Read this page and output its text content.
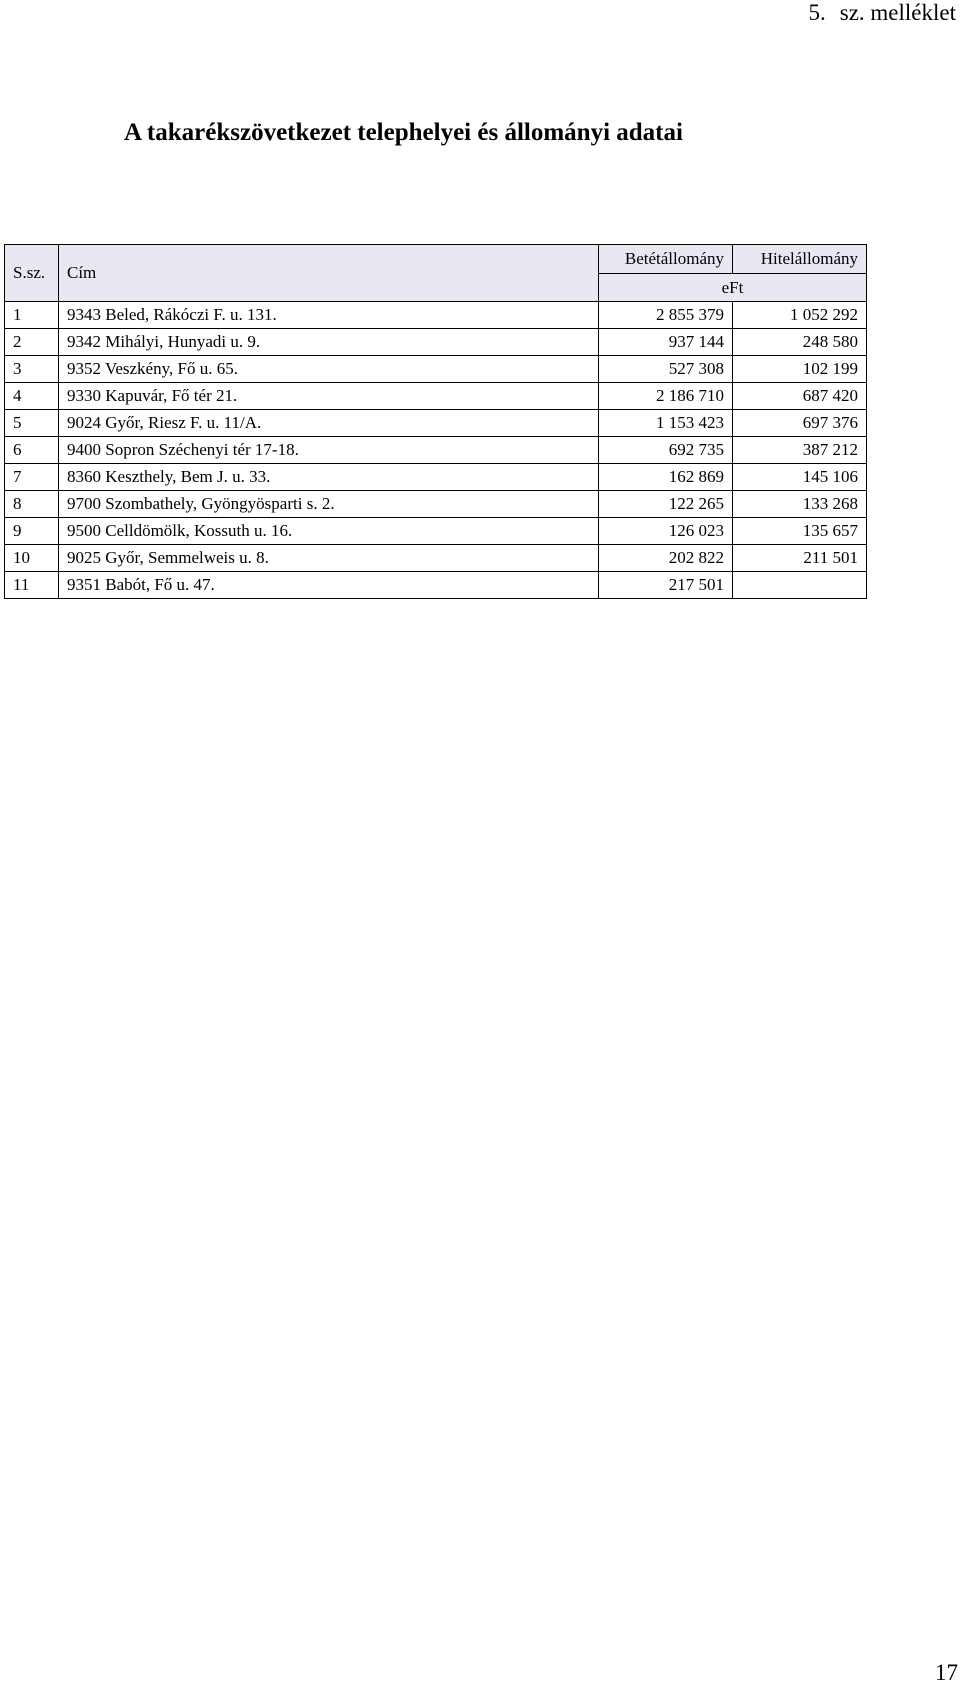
5. sz. melléklet
A takarékszövetkezet telephelyei és állományi adatai
S.sz.	Cím	Betétállomány	Hitelállomány
		eFt	
1	9343 Beled, Rákóczi F. u. 131.	2 855 379	1 052 292
2	9342 Mihályi, Hunyadi u. 9.	937 144	248 580
3	9352 Veszkény, Fő u. 65.	527 308	102 199
4	9330 Kapuvár, Fő tér 21.	2 186 710	687 420
5	9024 Győr, Riesz F. u. 11/A.	1 153 423	697 376
6	9400 Sopron Széchenyi tér 17-18.	692 735	387 212
7	8360 Keszthely, Bem J. u. 33.	162 869	145 106
8	9700 Szombathely, Gyöngyösparti s. 2.	122 265	133 268
9	9500 Celldömölk, Kossuth u. 16.	126 023	135 657
10	9025 Győr, Semmelweis u. 8.	202 822	211 501
11	9351 Babót, Fő u. 47.	217 501	
17
